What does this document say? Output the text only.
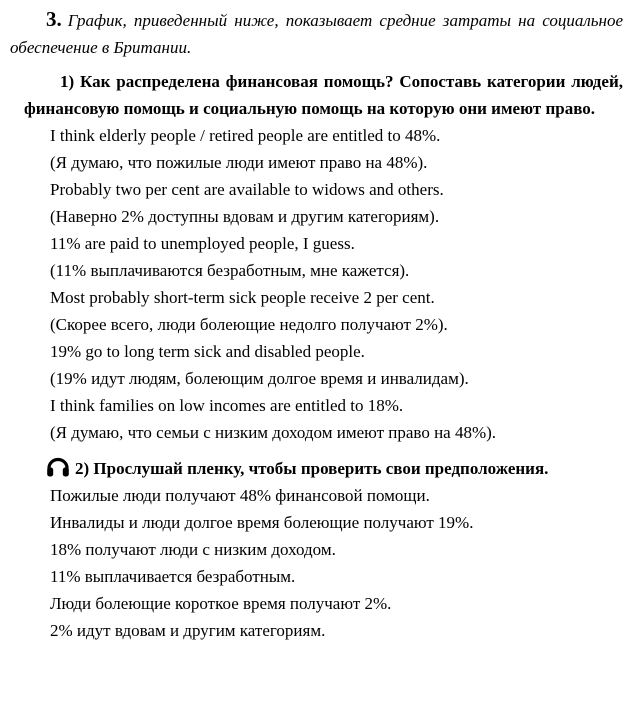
3. График, приведенный ниже, показывает средние затраты на социальное обеспечение в Британии.

1) Как распределена финансовая помощь? Сопоставь категории людей, финансовую помощь и социальную помощь на которую они имеют право.

I think elderly people / retired people are entitled to 48%.
(Я думаю, что пожилые люди имеют право на 48%).
Probably two per cent are available to widows and others.
(Наверно 2% доступны вдовам и другим категориям).
11% are paid to unemployed people, I guess.
(11% выплачиваются безработным, мне кажется).
Most probably short-term sick people receive 2 per cent.
(Скорее всего, люди болеющие недолго получают 2%).
19% go to long term sick and disabled people.
(19% идут людям, болеющим долгое время и инвалидам).
I think families on low incomes are entitled to 18%.
(Я думаю, что семьи с низким доходом имеют право на 48%).

2) Прослушай пленку, чтобы проверить свои предположения.

Пожилые люди получают 48% финансовой помощи.
Инвалиды и люди долгое время болеющие получают 19%.
18% получают люди с низким доходом.
11% выплачивается безработным.
Люди болеющие короткое время получают 2%.
2% идут вдовам и другим категориям.
